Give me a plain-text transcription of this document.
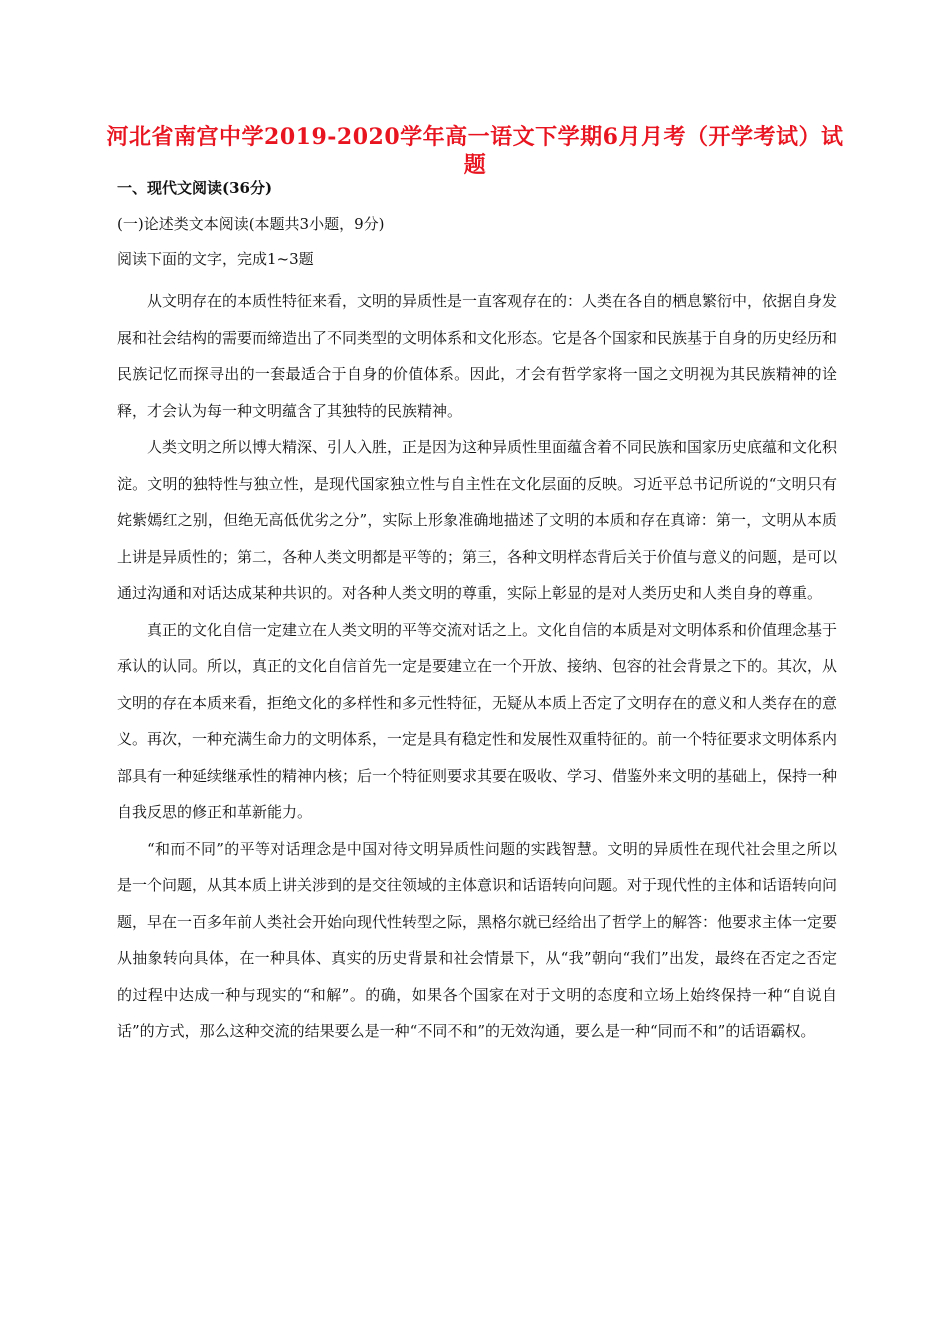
河北省南宫中学2019-2020学年高一语文下学期6月月考（开学考试）试题
一、现代文阅读(36分)
(一)论述类文本阅读(本题共3小题，9分)
阅读下面的文字，完成1~3题

从文明存在的本质性特征来看，文明的异质性是一直客观存在的：人类在各自的栖息繁衍中，依据自身发展和社会结构的需要而缔造出了不同类型的文明体系和文化形态。它是各个国家和民族基于自身的历史经历和民族记忆而探寻出的一套最适合于自身的价值体系。因此，才会有哲学家将一国之文明视为其民族精神的诠释，才会认为每一种文明蕴含了其独特的民族精神。

人类文明之所以博大精深、引人入胜，正是因为这种异质性里面蕴含着不同民族和国家历史底蕴和文化积淀。文明的独特性与独立性，是现代国家独立性与自主性在文化层面的反映。习近平总书记所说的“文明只有姹紫嫣红之别，但绝无高低优劣之分”，实际上形象准确地描述了文明的本质和存在真谛：第一，文明从本质上讲是异质性的；第二，各种人类文明都是平等的；第三，各种文明样态背后关于价值与意义的问题，是可以通过沟通和对话达成某种共识的。对各种人类文明的尊重，实际上彰显的是对人类历史和人类自身的尊重。

真正的文化自信一定建立在人类文明的平等交流对话之上。文化自信的本质是对文明体系和价值理念基于承认的认同。所以，真正的文化自信首先一定是要建立在一个开放、接纳、包容的社会背景之下的。其次，从文明的存在本质来看，拒绝文化的多样性和多元性特征，无疑从本质上否定了文明存在的意义和人类存在的意义。再次，一种充满生命力的文明体系，一定是具有稳定性和发展性双重特征的。前一个特征要求文明体系内部具有一种延续继承性的精神内核；后一个特征则要求其要在吸收、学习、借鉴外来文明的基础上，保持一种自我反思的修正和革新能力。

“和而不同”的平等对话理念是中国对待文明异质性问题的实践智慧。文明的异质性在现代社会里之所以是一个问题，从其本质上讲关涉到的是交往领域的主体意识和话语转向问题。对于现代性的主体和话语转向问题，早在一百多年前人类社会开始向现代性转型之际，黑格尔就已经给出了哲学上的解答：他要求主体一定要从抽象转向具体，在一种具体、真实的历史背景和社会情景下，从“我”朝向“我们”出发，最终在否定之否定的过程中达成一种与现实的“和解”。的确，如果各个国家在对于文明的态度和立场上始终保持一种“自说自话”的方式，那么这种交流的结果要么是一种“不同不和”的无效沟通，要么是一种“同而不和”的话语霸权。
